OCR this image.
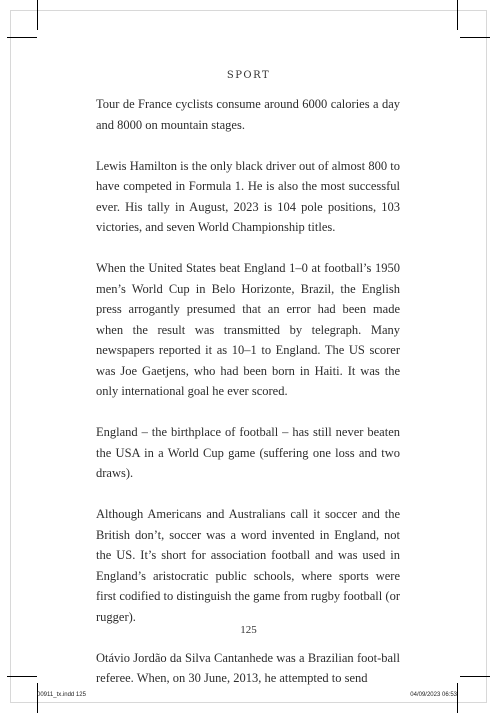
SPORT

Tour de France cyclists consume around 6000 calories a day and 8000 on mountain stages.

Lewis Hamilton is the only black driver out of almost 800 to have competed in Formula 1. He is also the most successful ever. His tally in August, 2023 is 104 pole positions, 103 victories, and seven World Championship titles.

When the United States beat England 1–0 at football’s 1950 men’s World Cup in Belo Horizonte, Brazil, the English press arrogantly presumed that an error had been made when the result was transmitted by telegraph. Many newspapers reported it as 10–1 to England. The US scorer was Joe Gaetjens, who had been born in Haiti. It was the only international goal he ever scored.

England – the birthplace of football – has still never beaten the USA in a World Cup game (suffering one loss and two draws).

Although Americans and Australians call it soccer and the British don’t, soccer was a word invented in England, not the US. It’s short for association football and was used in England’s aristocratic public schools, where sports were first codified to distinguish the game from rugby football (or rugger).

Otávio Jordão da Silva Cantanhede was a Brazilian foot-ball referee. When, on 30 June, 2013, he attempted to send

125
00911_tx.indd 125	04/09/2023 06:53
